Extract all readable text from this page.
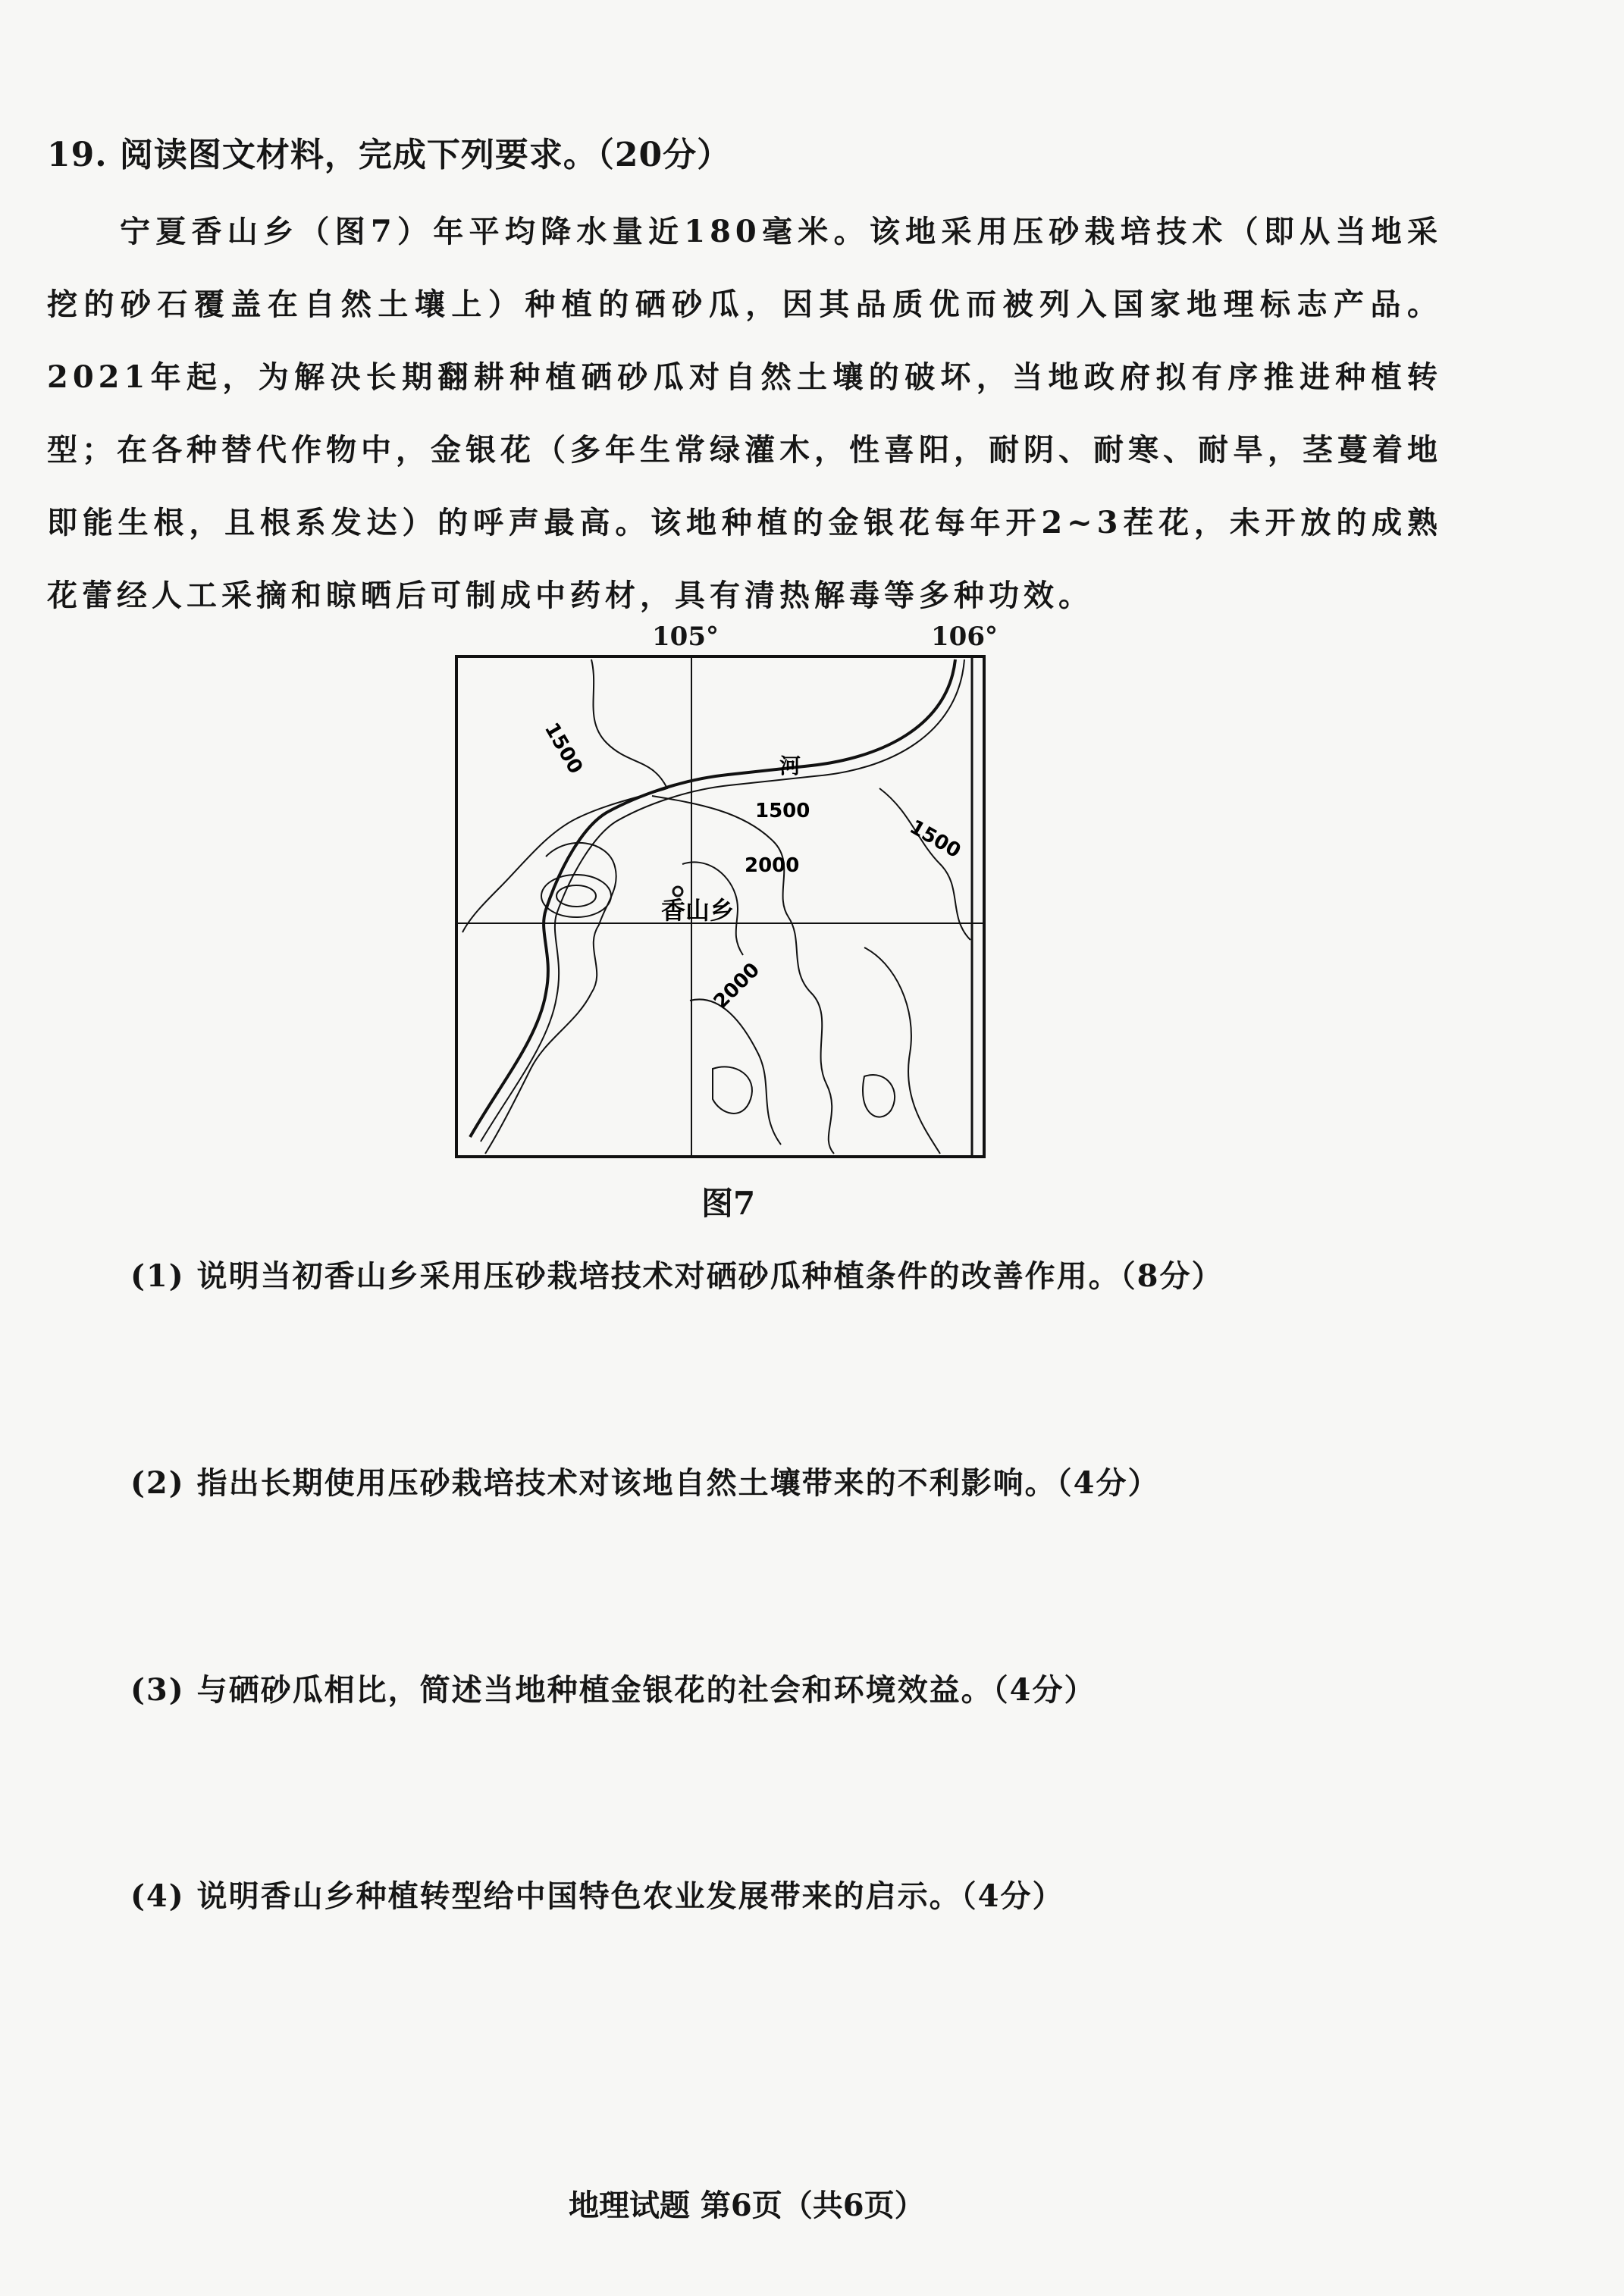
19. 阅读图文材料，完成下列要求。（20分）
宁夏香山乡（图7）年平均降水量近180毫米。该地采用压砂栽培技术（即从当地采挖的砂石覆盖在自然土壤上）种植的硒砂瓜，因其品质优而被列入国家地理标志产品。2021年起，为解决长期翻耕种植硒砂瓜对自然土壤的破坏，当地政府拟有序推进种植转型；在各种替代作物中，金银花（多年生常绿灌木，性喜阳，耐阴、耐寒、耐旱，茎蔓着地即能生根，且根系发达）的呼声最高。该地种植的金银花每年开2~3茬花，未开放的成熟花蕾经人工采摘和晾晒后可制成中药材，具有清热解毒等多种功效。
105°	106°
香山乡
河
1500
1500
1500
2000
2000
图7
(1) 说明当初香山乡采用压砂栽培技术对硒砂瓜种植条件的改善作用。（8分）
(2) 指出长期使用压砂栽培技术对该地自然土壤带来的不利影响。（4分）
(3) 与硒砂瓜相比，简述当地种植金银花的社会和环境效益。（4分）
(4) 说明香山乡种植转型给中国特色农业发展带来的启示。（4分）
地理试题 第6页（共6页）
